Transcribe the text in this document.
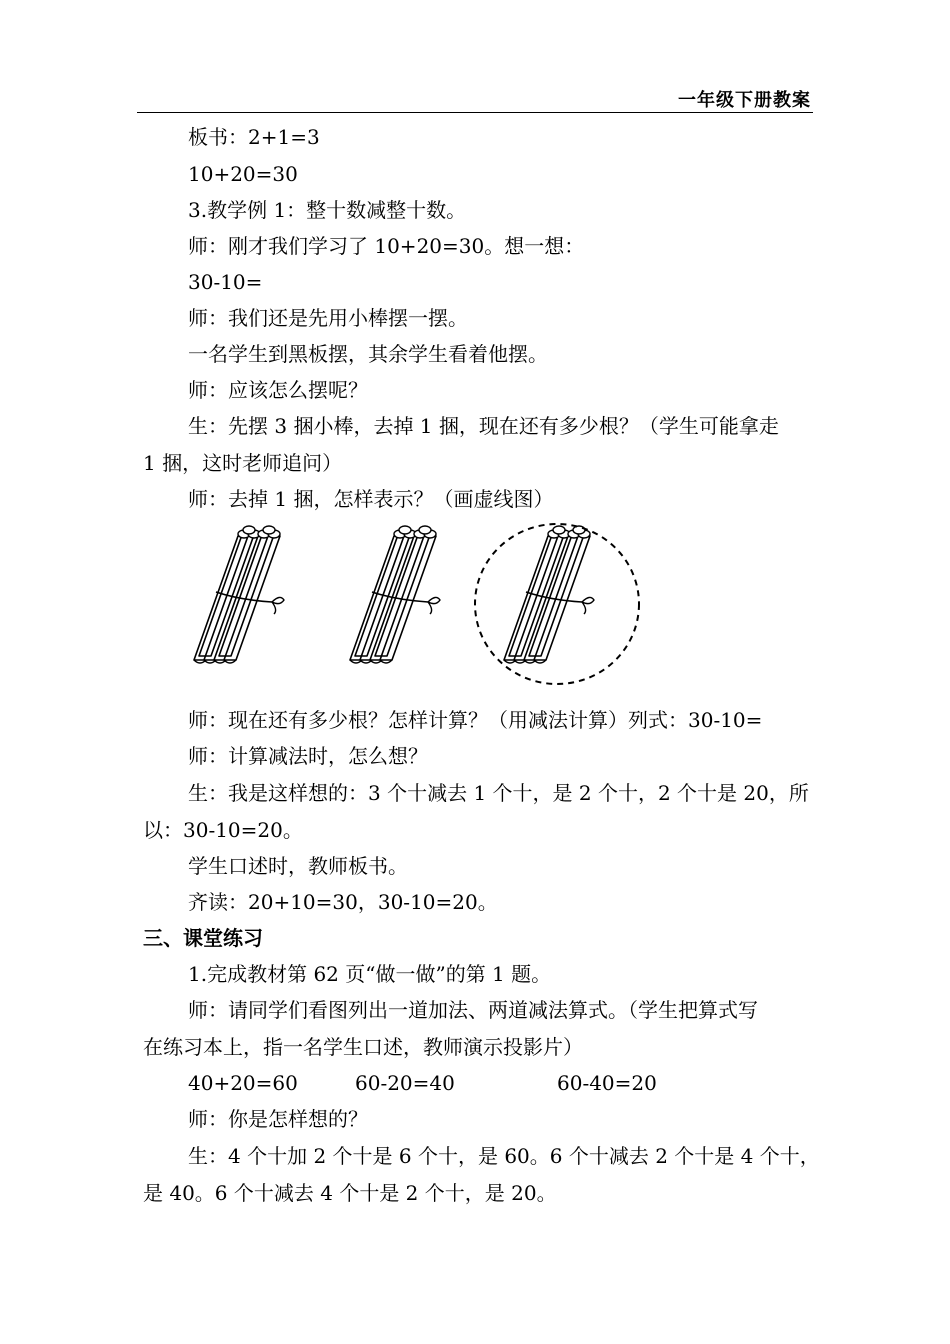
一年级下册教案
板书：2+1=3
10+20=30
3.教学例 1：整十数减整十数。
师：刚才我们学习了 10+20=30。想一想：
30-10=
师：我们还是先用小棒摆一摆。
一名学生到黑板摆，其余学生看着他摆。
师：应该怎么摆呢？
生：先摆 3 捆小棒，去掉 1 捆，现在还有多少根？（学生可能拿走
1 捆，这时老师追问）
师：去掉 1 捆，怎样表示？（画虚线图）
师：现在还有多少根？怎样计算？（用减法计算）列式：30-10=
师：计算减法时，怎么想？
生：我是这样想的：3 个十减去 1 个十，是 2 个十，2 个十是 20，所
以：30-10=20。
学生口述时，教师板书。
齐读：20+10=30，30-10=20。
三、课堂练习
1.完成教材第 62 页“做一做”的第 1 题。
师：请同学们看图列出一道加法、两道减法算式。（学生把算式写
在练习本上，指一名学生口述，教师演示投影片）
40+20=60	60-20=40	60-40=20
师：你是怎样想的？
生：4 个十加 2 个十是 6 个十，是 60。6 个十减去 2 个十是 4 个十，
是 40。6 个十减去 4 个十是 2 个十，是 20。
